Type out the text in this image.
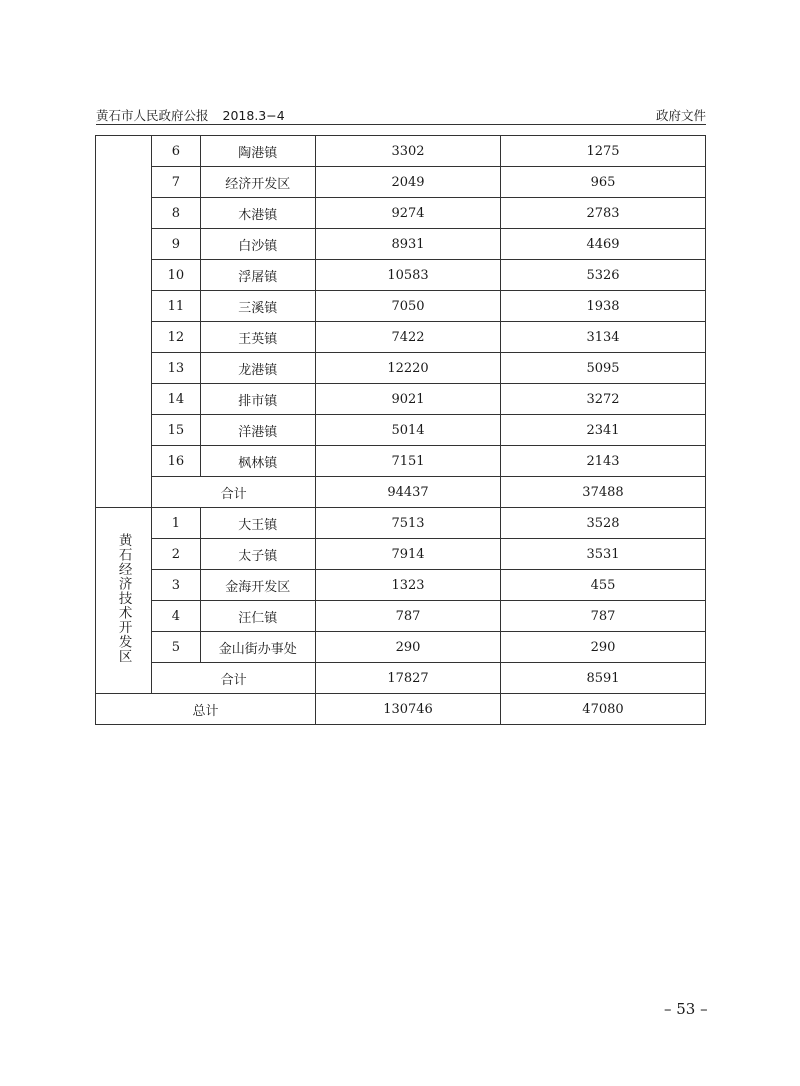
黄石市人民政府公报 2018.3−4	政府文件
	6	陶港镇	3302	1275
	7	经济开发区	2049	965
	8	木港镇	9274	2783
	9	白沙镇	8931	4469
	10	浮屠镇	10583	5326
	11	三溪镇	7050	1938
	12	王英镇	7422	3134
	13	龙港镇	12220	5095
	14	排市镇	9021	3272
	15	洋港镇	5014	2341
	16	枫林镇	7151	2143
	合计		94437	37488
黄石经济技术开发区	1	大王镇	7513	3528
	2	太子镇	7914	3531
	3	金海开发区	1323	455
	4	汪仁镇	787	787
	5	金山街办事处	290	290
	合计		17827	8591
总计			130746	47080
– 53 –
